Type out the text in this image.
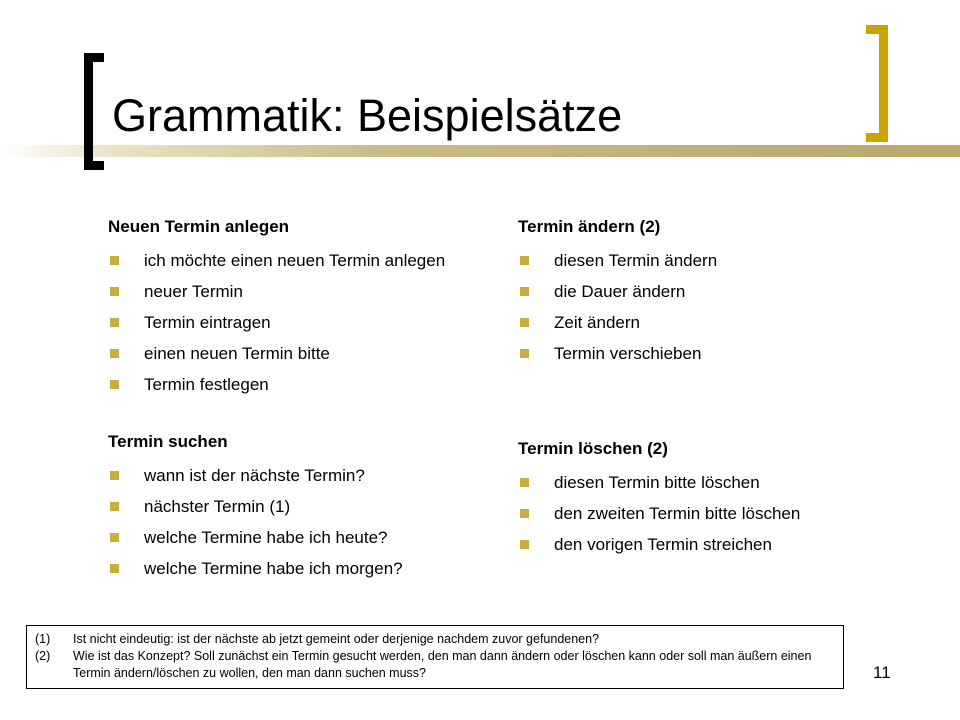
Grammatik: Beispielsätze
Neuen Termin anlegen
ich möchte einen neuen Termin anlegen
neuer Termin
Termin eintragen
einen neuen Termin bitte
Termin festlegen
Termin suchen
wann ist der nächste Termin?
nächster Termin (1)
welche Termine habe ich heute?
welche Termine habe ich morgen?
Termin ändern (2)
diesen Termin ändern
die Dauer ändern
Zeit ändern
Termin verschieben
Termin löschen (2)
diesen Termin bitte löschen
den zweiten Termin bitte löschen
den vorigen Termin streichen
(1)	Ist nicht eindeutig: ist der nächste ab jetzt gemeint oder derjenige nachdem zuvor gefundenen?
(2)	Wie ist das Konzept? Soll zunächst ein Termin gesucht werden, den man dann ändern oder löschen kann oder soll man äußern einen Termin ändern/löschen zu wollen, den man dann suchen muss?	11
